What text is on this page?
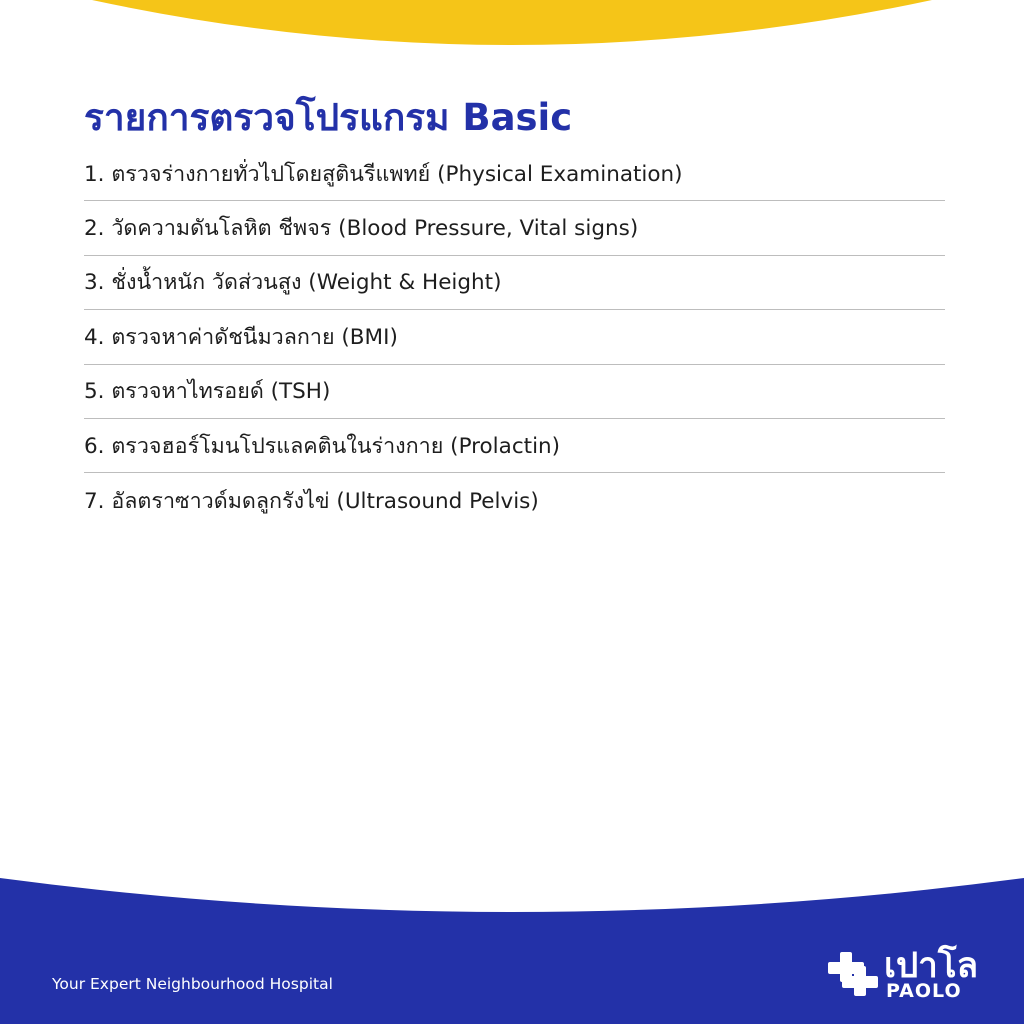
รายการตรวจโปรแกรม Basic
1. ตรวจร่างกายทั่วไปโดยสูตินรีแพทย์ (Physical Examination)
2. วัดความดันโลหิต ชีพจร (Blood Pressure, Vital signs)
3. ชั่งน้ำหนัก วัดส่วนสูง (Weight & Height)
4. ตรวจหาค่าดัชนีมวลกาย (BMI)
5. ตรวจหาไทรอยด์ (TSH)
6. ตรวจฮอร์โมนโปรแลคตินในร่างกาย (Prolactin)
7. อัลตราซาวด์มดลูกรังไข่ (Ultrasound Pelvis)
Your Expert Neighbourhood Hospital	เปาโล
PAOLO
